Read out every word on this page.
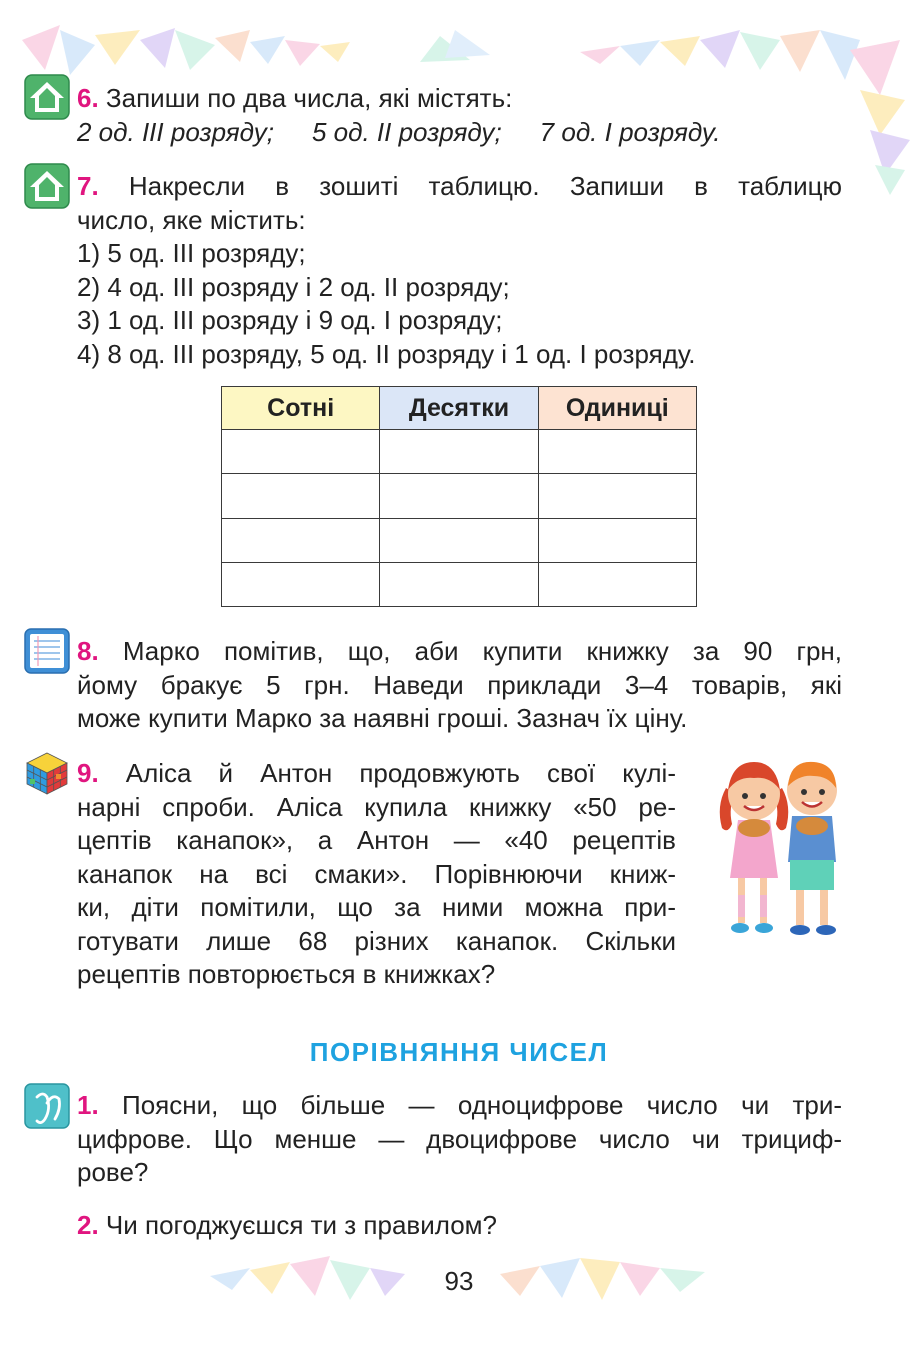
6. Запиши по два числа, які містять:
2 од. III розряду; 5 од. II розряду; 7 од. I розряду.
7. Накресли в зошиті таблицю. Запиши в таблицю
число, яке містить:
1) 5 од. III розряду;
2) 4 од. III розряду і 2 од. II розряду;
3) 1 од. III розряду і 9 од. I розряду;
4) 8 од. III розряду, 5 од. II розряду і 1 од. I розряду.
Сотні	Десятки	Одиниці

8. Марко помітив, що, аби купити книжку за 90 грн,
йому бракує 5 грн. Наведи приклади 3–4 товарів, які
може купити Марко за наявні гроші. Зазнач їх ціну.
9. Аліса й Антон продовжують свої кулі-
нарні спроби. Аліса купила книжку «50 ре-
цептів канапок», а Антон — «40 рецептів
канапок на всі смаки». Порівнюючи книж-
ки, діти помітили, що за ними можна при-
готувати лише 68 різних канапок. Скільки
рецептів повторюється в книжках?
ПОРІВНЯННЯ ЧИСЕЛ
1. Поясни, що більше — одноцифрове число чи три-
цифрове. Що менше — двоцифрове число чи трициф-
рове?
2. Чи погоджуєшся ти з правилом?
93
